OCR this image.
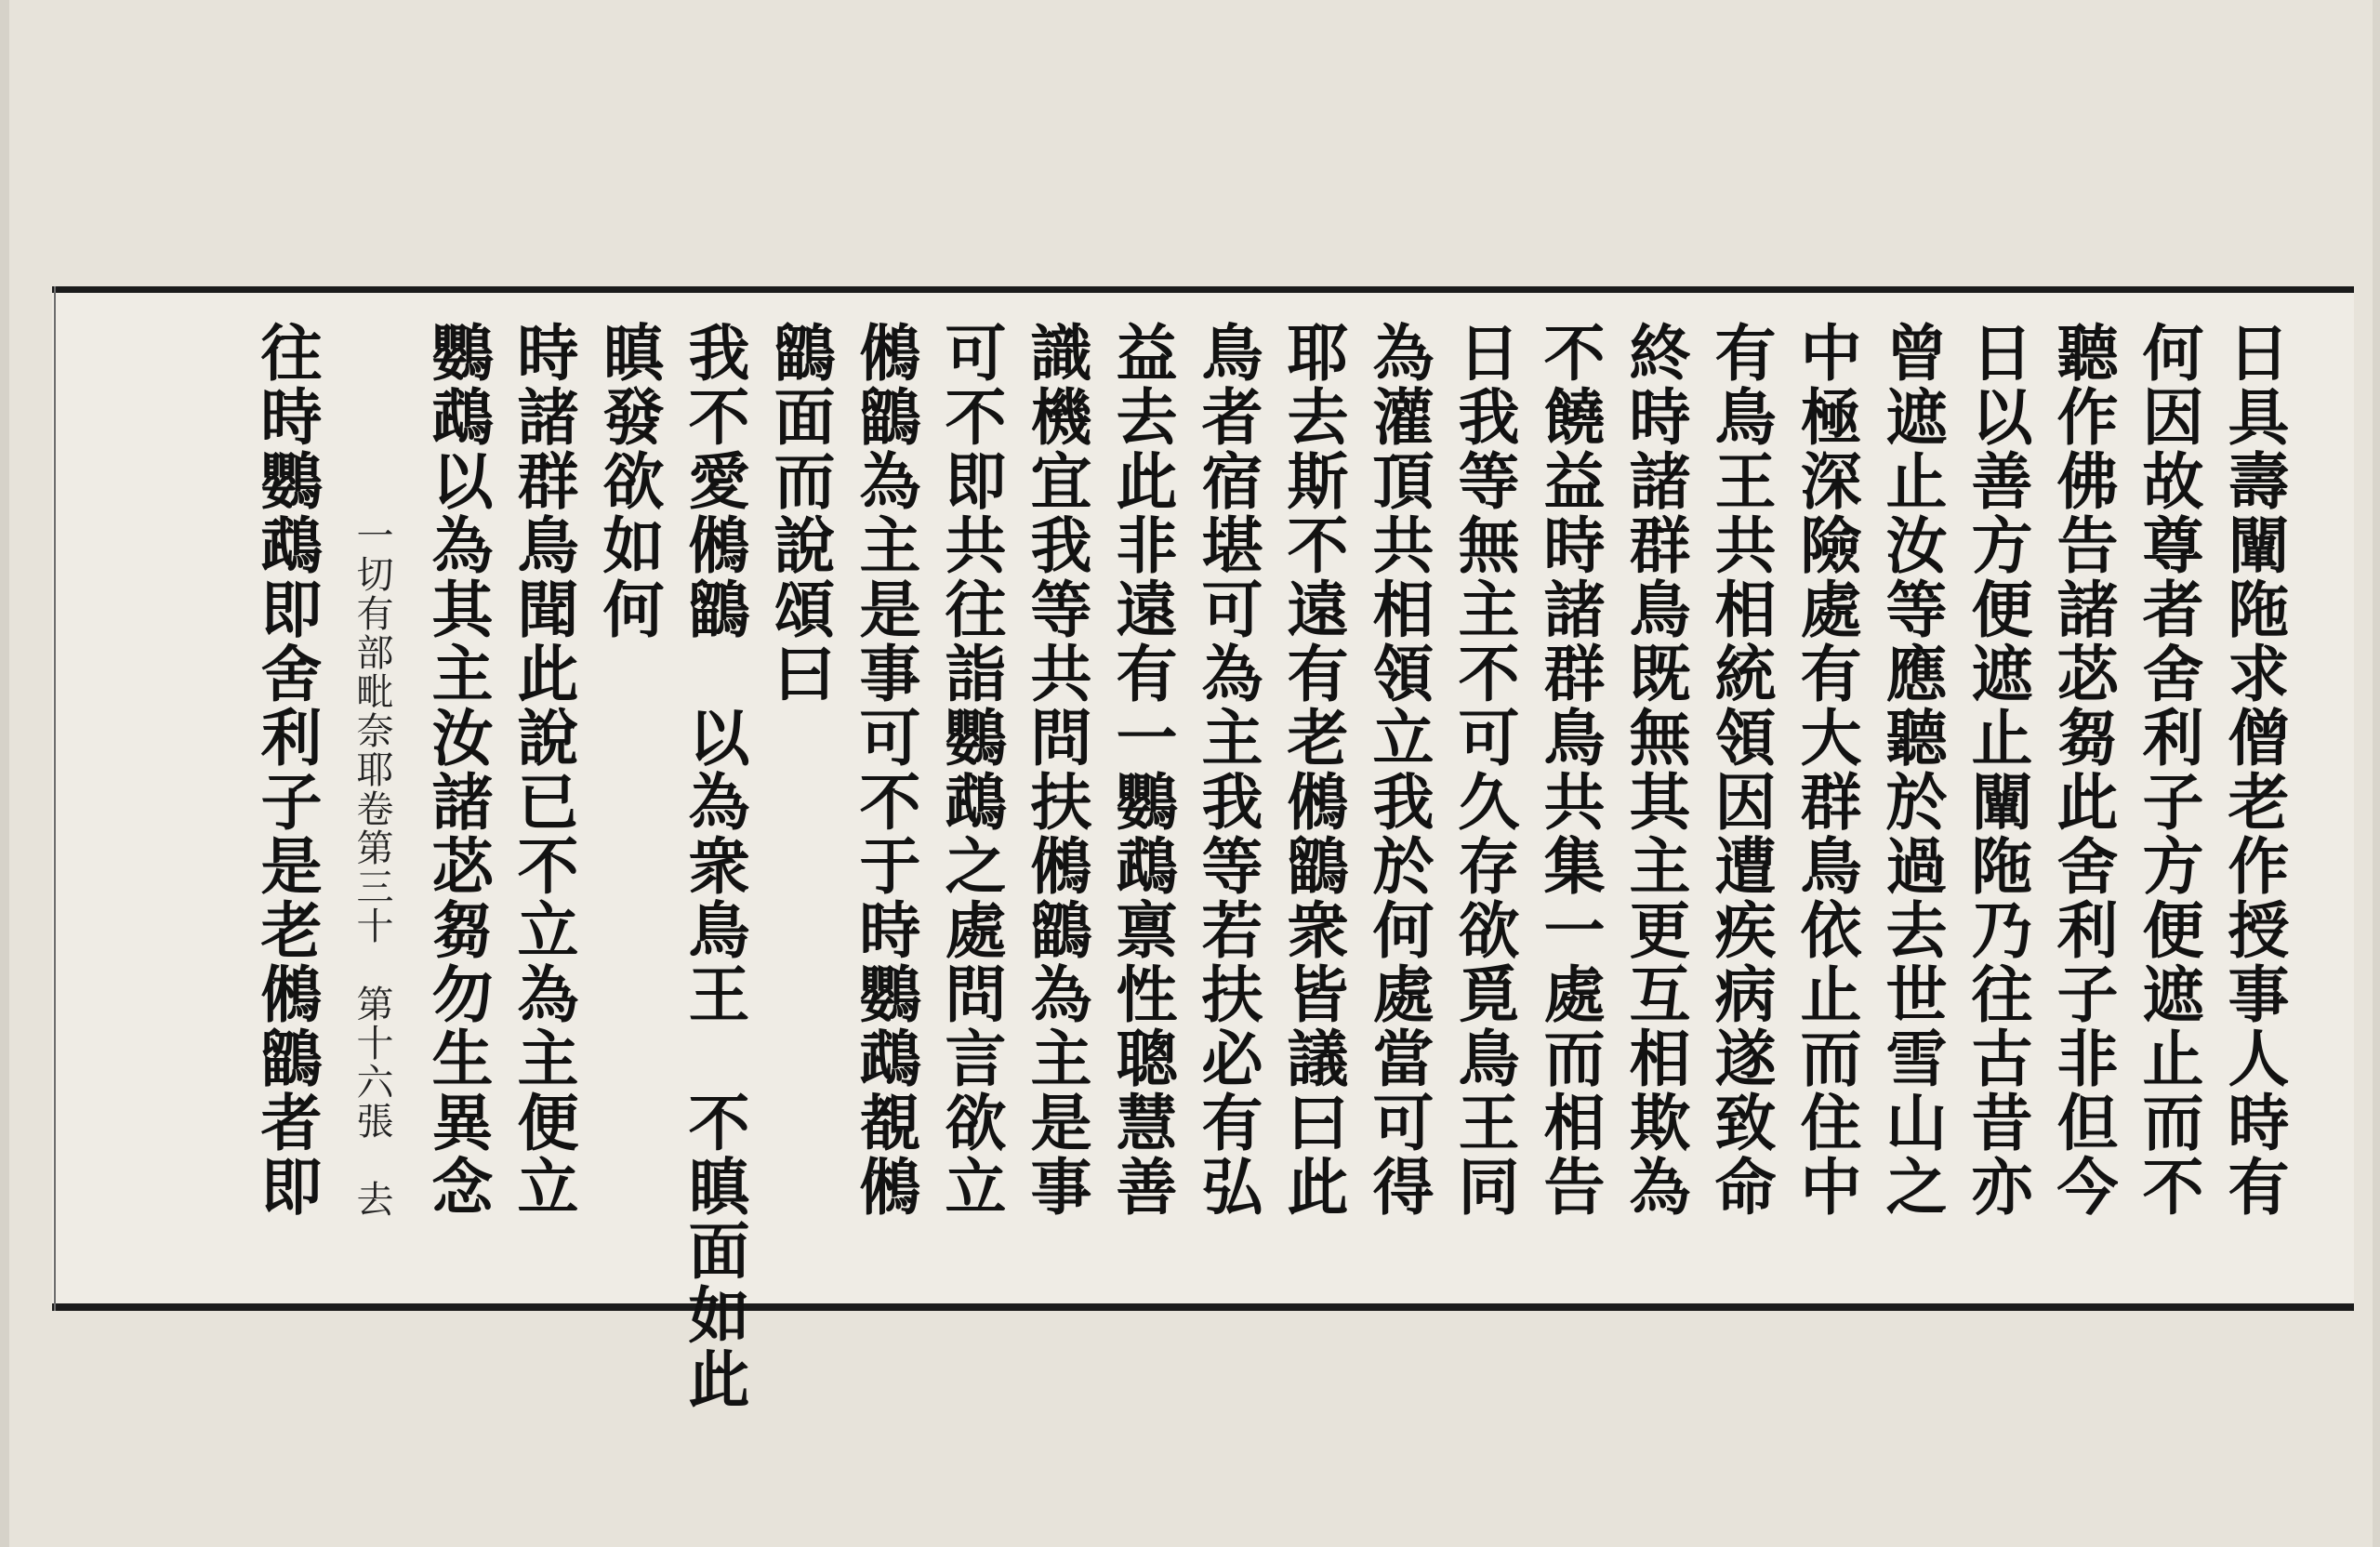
日具壽闡陁求僧老作授事人時有
何因故尊者舍利子方便遮止而不
聽作佛告諸苾芻此舍利子非但今
日以善方便遮止闡陁乃往古昔亦
曾遮止汝等應聽於過去世雪山之
中極深險處有大群鳥依止而住中
有鳥王共相統領因遭疾病遂致命
終時諸群鳥既無其主更互相欺為
不饒益時諸群鳥共集一處而相告
日我等無主不可久存欲覓鳥王同
為灌頂共相領立我於何處當可得
耶去斯不遠有老鵂鶹衆皆議曰此
鳥者宿堪可為主我等若扶必有弘
益去此非遠有一鸚鵡禀性聰慧善
識機宜我等共問扶鵂鶹為主是事
可不即共往詣鸚鵡之處問言欲立
鵂鶹為主是事可不于時鸚鵡覩鵂
鶹面而說頌曰
我不愛鵂鶹　以為衆鳥王　不瞋面如此
瞋發欲如何
時諸群鳥聞此說已不立為主便立
鸚鵡以為其主汝諸苾芻勿生異念
一切有部毗奈耶卷第三十　第十六張　去
往時鸚鵡即舍利子是老鵂鶹者即
